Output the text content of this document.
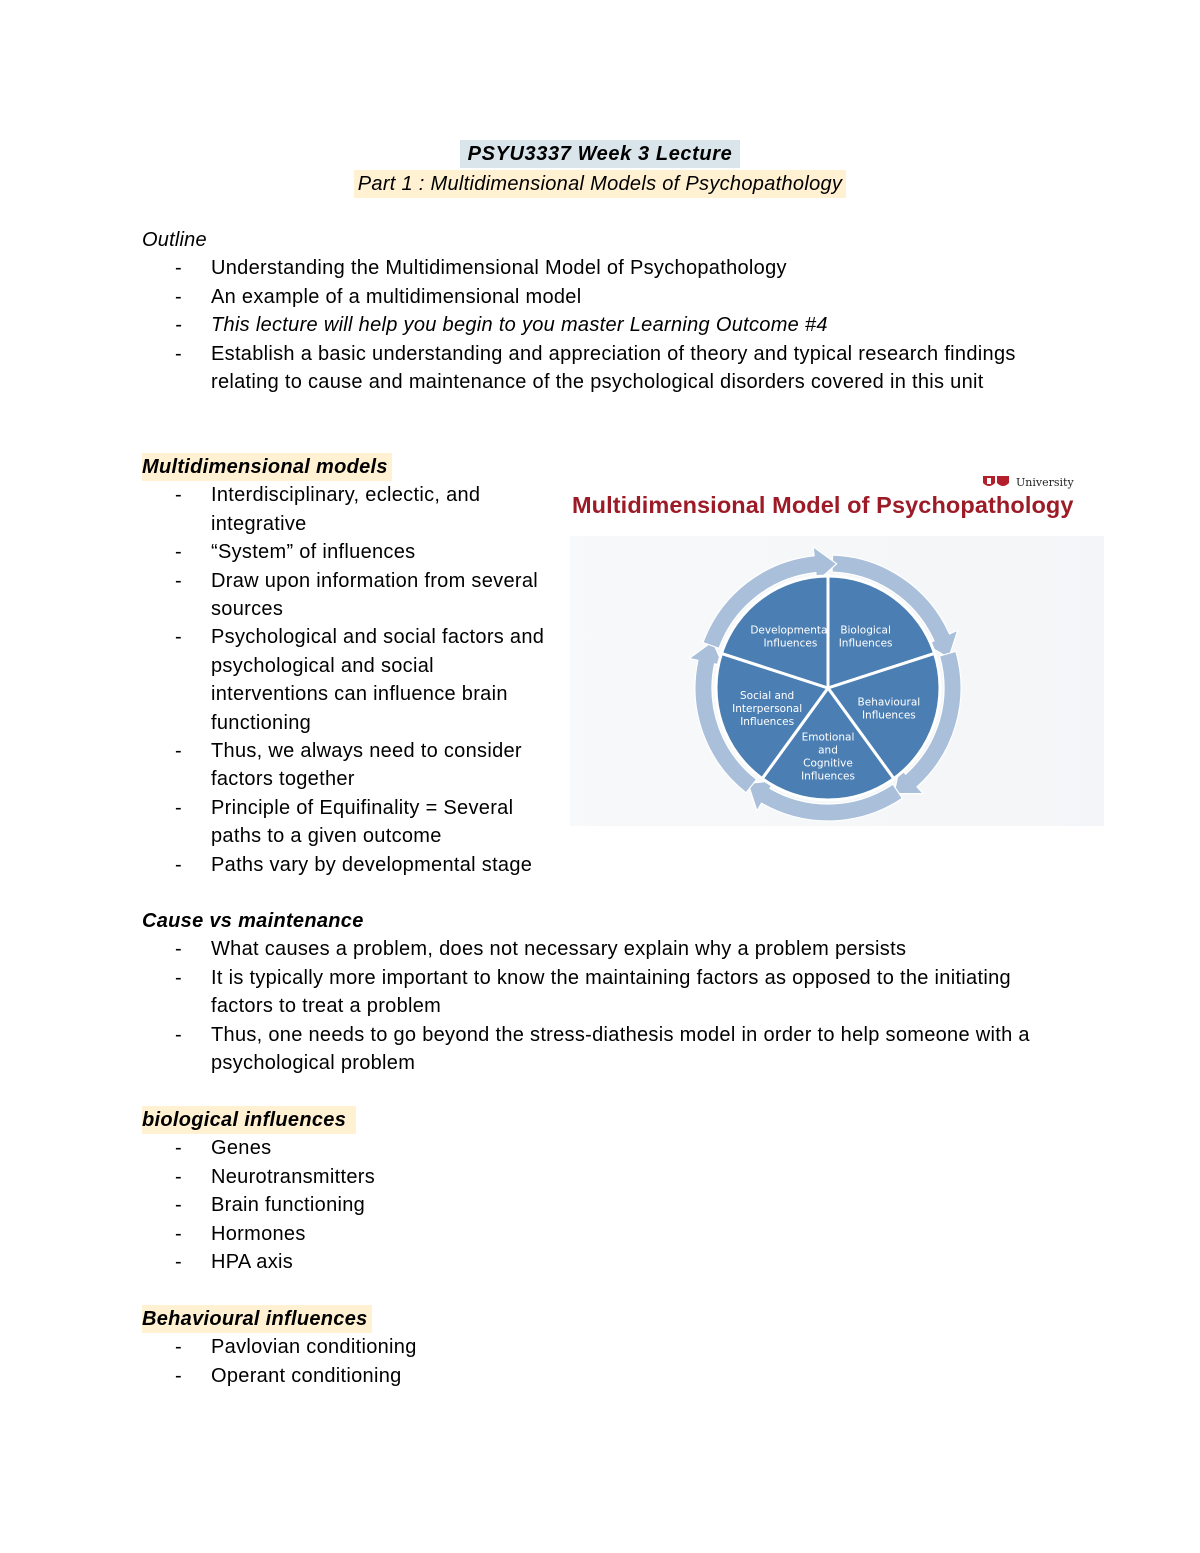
PSYU3337 Week 3 Lecture
Part 1 : Multidimensional Models of Psychopathology

Outline

- Understanding the Multidimensional Model of Psychopathology
- An example of a multidimensional model
- This lecture will help you begin to you master Learning Outcome #4
- Establish a basic understanding and appreciation of theory and typical research findings relating to cause and maintenance of the psychological disorders covered in this unit

Multidimensional models

- Interdisciplinary, eclectic, and integrative
- “System” of influences
- Draw upon information from several sources
- Psychological and social factors and psychological and social interventions can influence brain functioning
- Thus, we always need to consider factors together
- Principle of Equifinality = Several paths to a given outcome
- Paths vary by developmental stage
University
Multidimensional Model of Psychopathology
Biological Influences
Behavioural Influences
Emotional and Cognitive Influences
Social and Interpersonal Influences
Developmental Influences

Cause vs maintenance

- What causes a problem, does not necessary explain why a problem persists
- It is typically more important to know the maintaining factors as opposed to the initiating factors to treat a problem
- Thus, one needs to go beyond the stress-diathesis model in order to help someone with a psychological problem

biological influences

- Genes
- Neurotransmitters
- Brain functioning
- Hormones
- HPA axis

Behavioural influences

- Pavlovian conditioning
- Operant conditioning
